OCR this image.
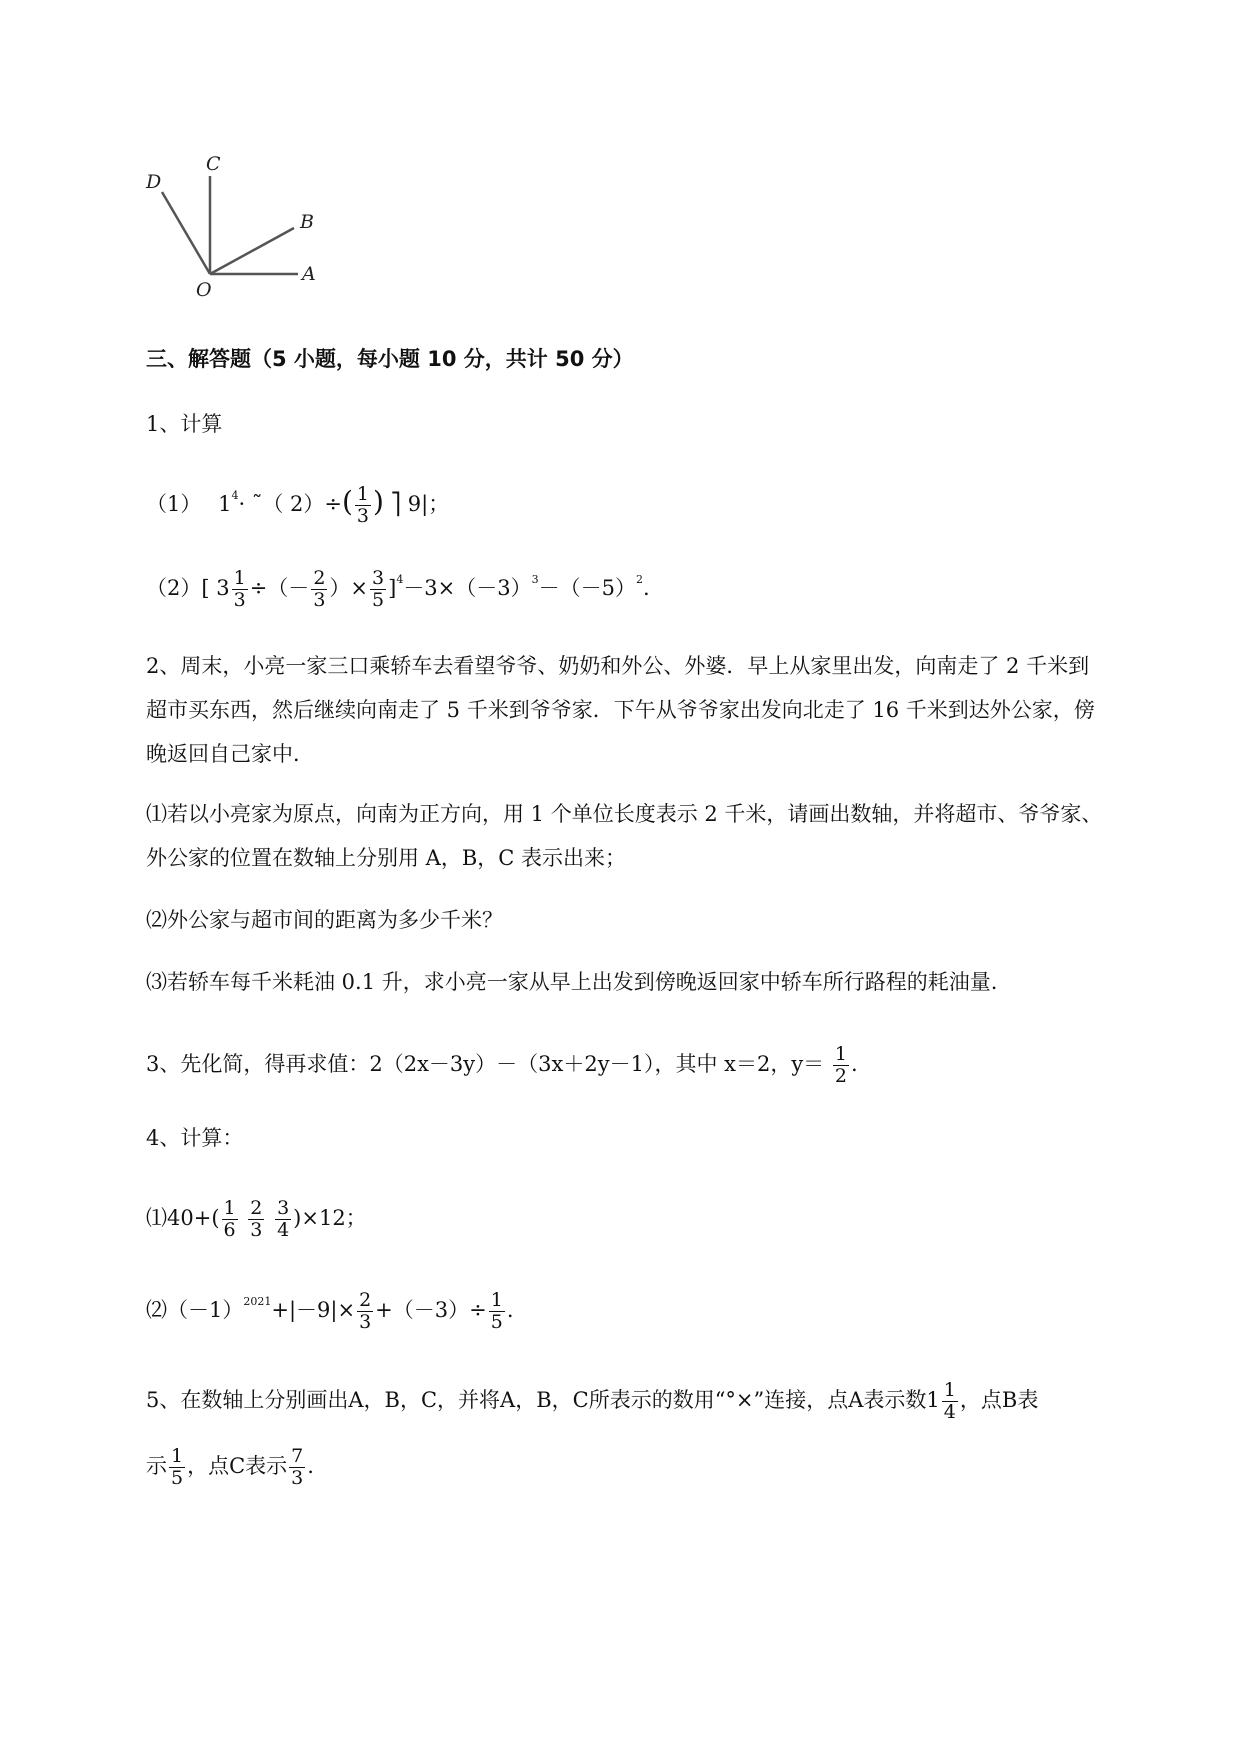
D
C
B
A
O
三、解答题（5 小题，每小题 10 分，共计 50 分）
1、计算
（1） $1^4\cdot$ ˜（ $2)\div( \frac{1}{3}$ ) ⎤ 9|；
（2）[ $3 \frac{1}{3}$ ÷（－ $\frac{2}{3}$ ）× $\frac{3}{5} ]^4-3\times(-3)^3-(-5)^2$.
2、周末，小亮一家三口乘轿车去看望爷爷、奶奶和外公、外婆．早上从家里出发，向南走了 2 千米到
超市买东西，然后继续向南走了 5 千米到爷爷家．下午从爷爷家出发向北走了 16 千米到达外公家，傍
晚返回自己家中．
⑴若以小亮家为原点，向南为正方向，用 1 个单位长度表示 2 千米，请画出数轴，并将超市、爷爷家、
外公家的位置在数轴上分别用 A，B，C 表示出来；
⑵外公家与超市间的距离为多少千米？
⑶若轿车每千米耗油 0.1 升，求小亮一家从早上出发到傍晚返回家中轿车所行路程的耗油量.
3、先化简，得再求值：2（2x－3y）－（3x＋2y－1），其中 x＝2，$y= \frac{1}{2}$ .
4、计算：
⑴40+( $\frac{1}{6}$
$\frac{2}{3}$
$\frac{3}{4} )\times 12$；
$⑵(-1)^{2021}+|-9|\times \frac{2}{3} +(-3)\div \frac{1}{5}$ .
5、在数轴上分别画出A，B，C，并将A，B，C所表示的数用“°×”连接，点A表示数$1 \frac{1}{4}$ ，点B表
示 $\frac{1}{5}$ ，点C表示 $\frac{7}{3}$ .
